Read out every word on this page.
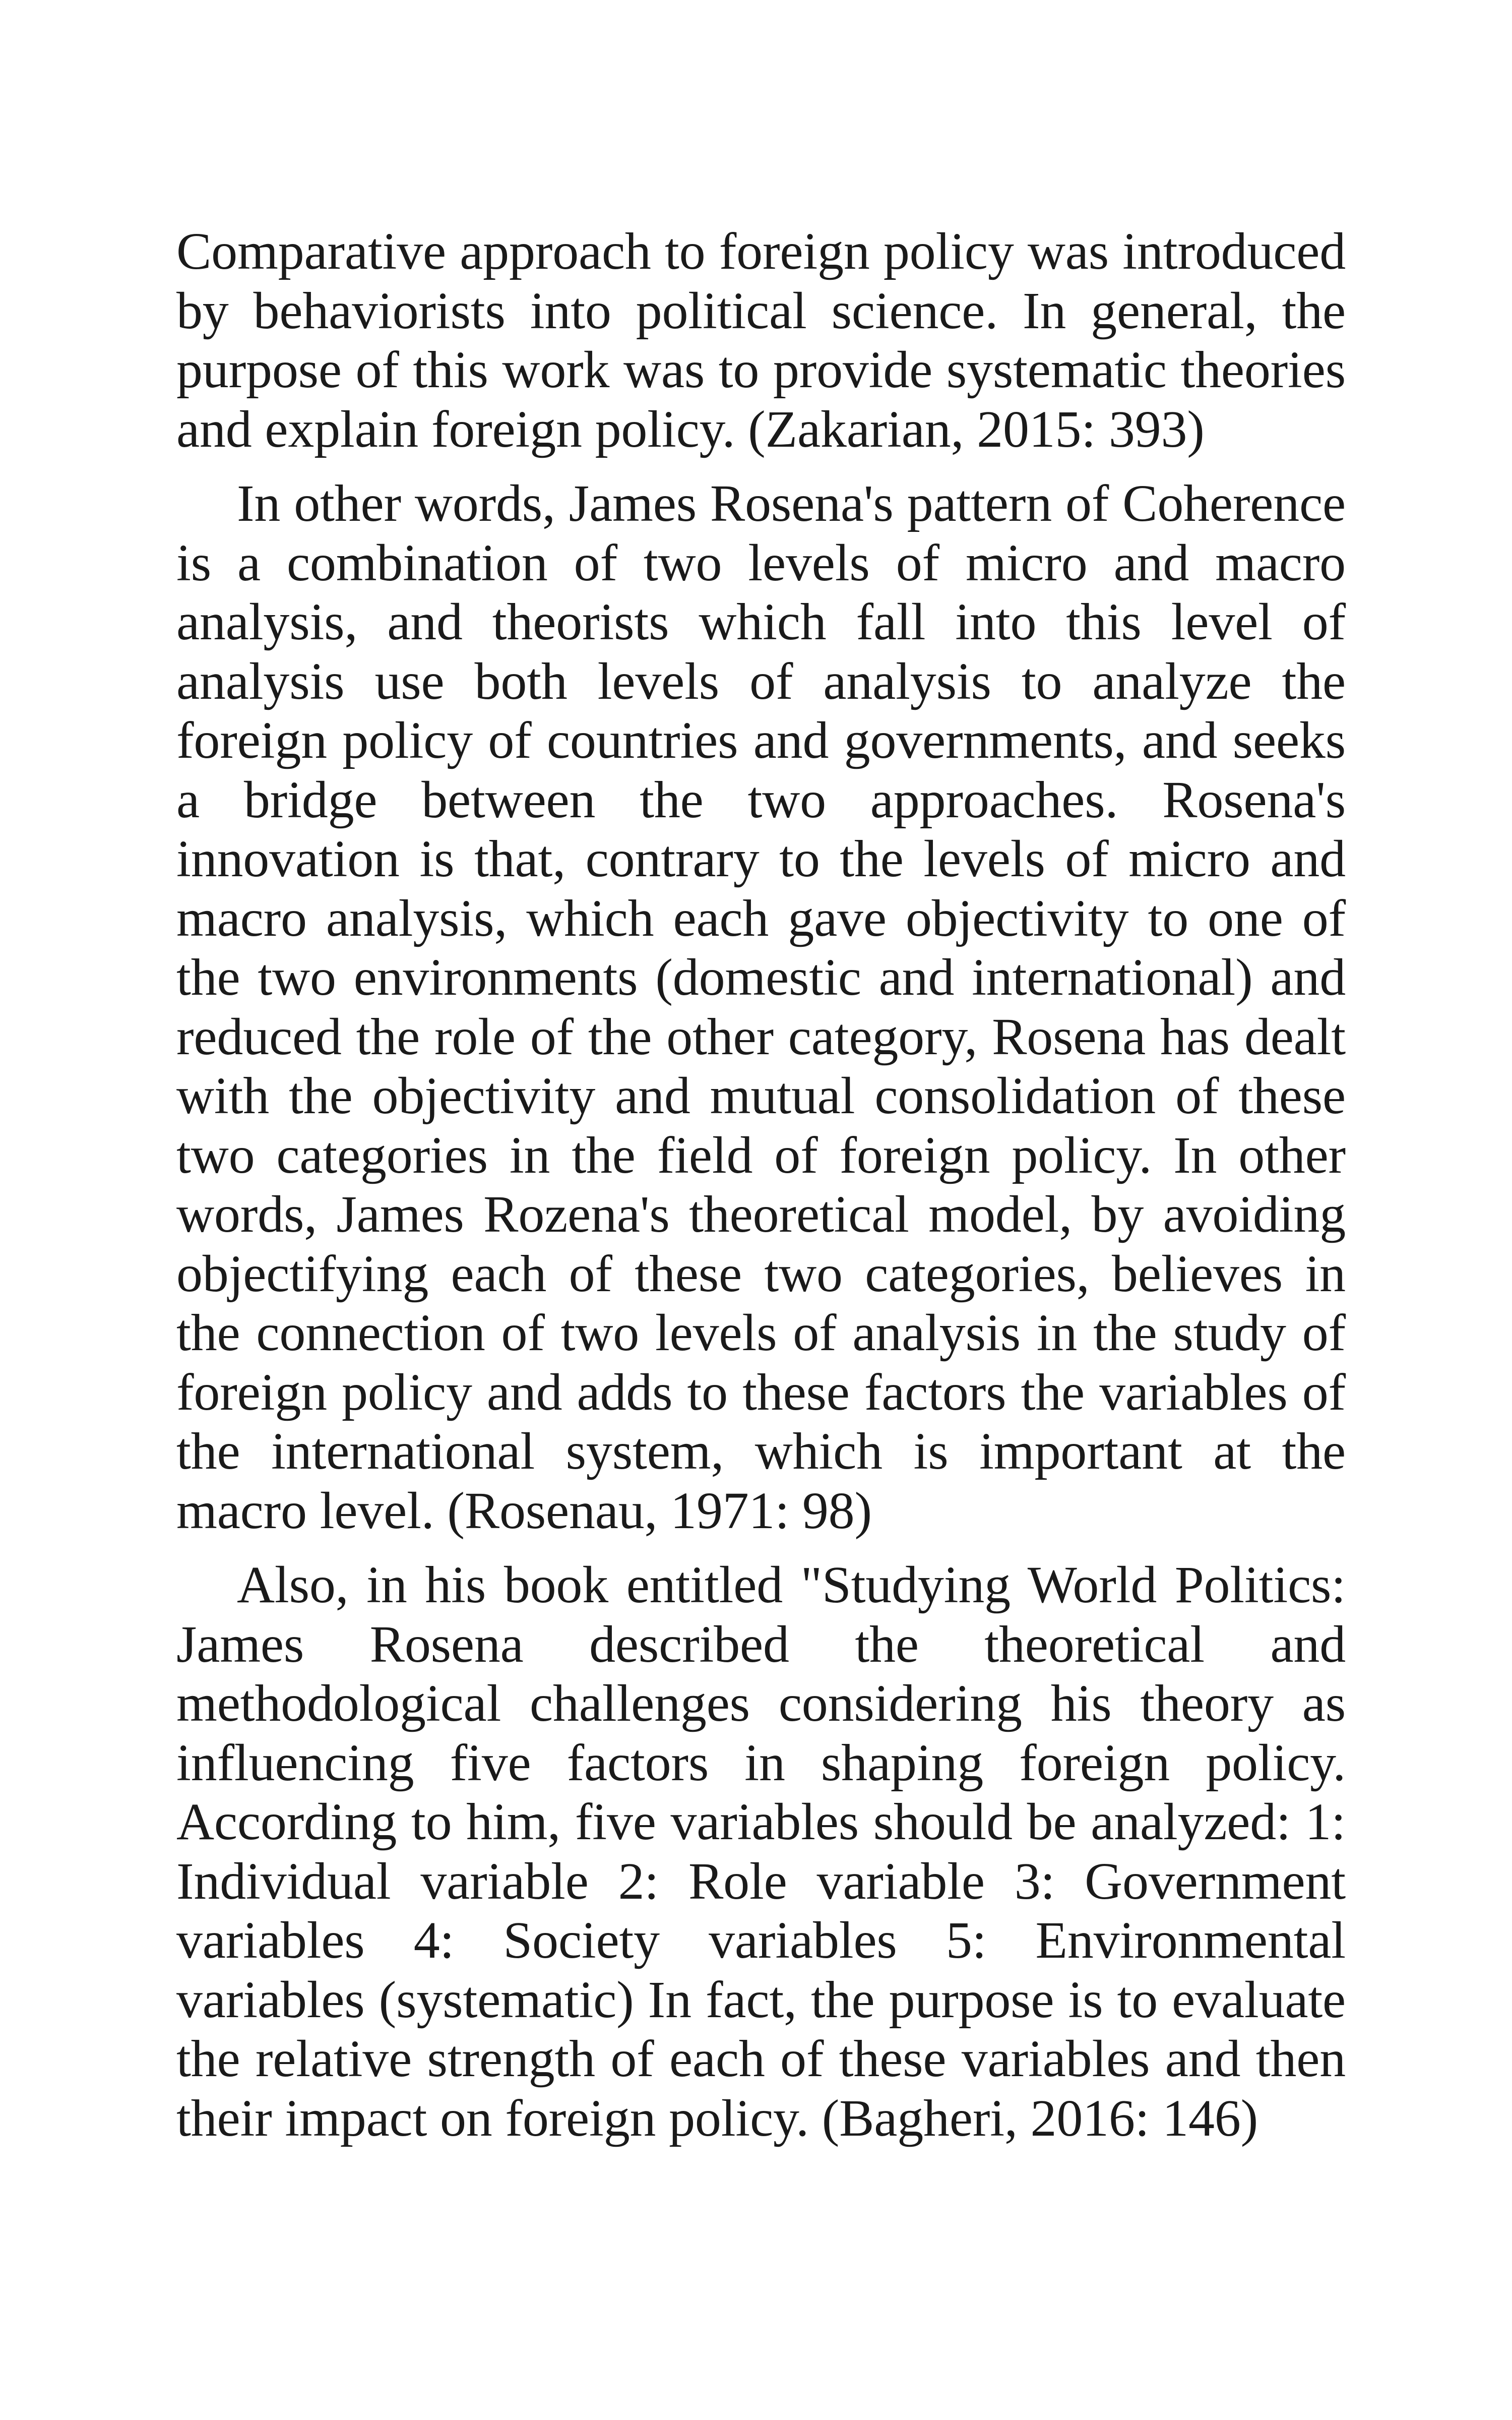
Comparative approach to foreign policy was introduced by behaviorists into political science. In general, the purpose of this work was to provide systematic theories and explain foreign policy. (Zakarian, 2015: 393)

In other words, James Rosena's pattern of Coherence is a combination of two levels of micro and macro analysis, and theorists which fall into this level of analysis use both levels of analysis to analyze the foreign policy of countries and governments, and seeks a bridge between the two approaches. Rosena's innovation is that, contrary to the levels of micro and macro analysis, which each gave objectivity to one of the two environments (domestic and international) and reduced the role of the other category, Rosena has dealt with the objectivity and mutual consolidation of these two categories in the field of foreign policy. In other words, James Rozena's theoretical model, by avoiding objectifying each of these two categories, believes in the connection of two levels of analysis in the study of foreign policy and adds to these factors the variables of the international system, which is important at the macro level. (Rosenau, 1971: 98)

Also, in his book entitled "Studying World Politics: James Rosena described the theoretical and methodological challenges considering his theory as influencing five factors in shaping foreign policy. According to him, five variables should be analyzed: 1: Individual variable 2: Role variable 3: Government variables 4: Society variables 5: Environmental variables (systematic) In fact, the purpose is to evaluate the relative strength of each of these variables and then their impact on foreign policy. (Bagheri, 2016: 146)
